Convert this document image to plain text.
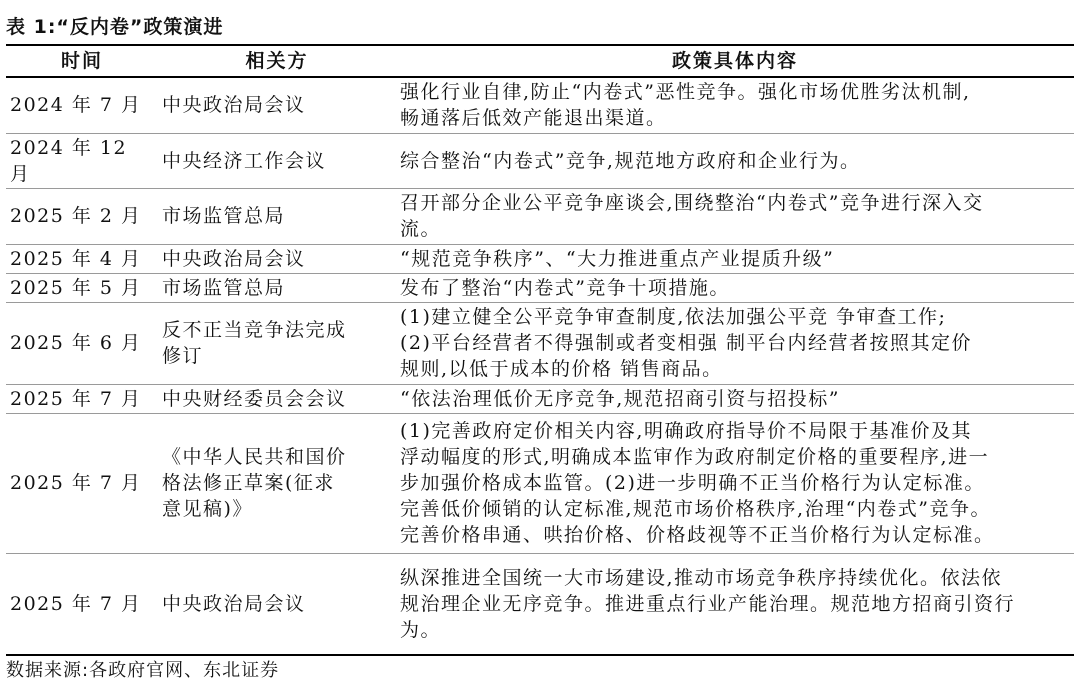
表 1:“反内卷”政策演进
时间	相关方	政策具体内容
2024 年 7 月	中央政治局会议	强化行业自律,防止“内卷式”恶性竞争。强化市场优胜劣汰机制,
畅通落后低效产能退出渠道。

2024 年 12 月	中央经济工作会议	综合整治“内卷式”竞争,规范地方政府和企业行为。

2025 年 2 月	市场监管总局	召开部分企业公平竞争座谈会,围绕整治“内卷式”竞争进行深入交
流。

2025 年 4 月	中央政治局会议	“规范竞争秩序”、“大力推进重点产业提质升级”

2025 年 5 月	市场监管总局	发布了整治“内卷式”竞争十项措施。

2025 年 6 月	反不正当竞争法完成
修订	(1)建立健全公平竞争审查制度,依法加强公平竞 争审查工作;
(2)平台经营者不得强制或者变相强 制平台内经营者按照其定价
规则,以低于成本的价格 销售商品。

2025 年 7 月	中央财经委员会会议	“依法治理低价无序竞争,规范招商引资与招投标”

2025 年 7 月	《中华人民共和国价
格法修正草案(征求
意见稿)》	(1)完善政府定价相关内容,明确政府指导价不局限于基准价及其
浮动幅度的形式,明确成本监审作为政府制定价格的重要程序,进一
步加强价格成本监管。(2)进一步明确不正当价格行为认定标准。
完善低价倾销的认定标准,规范市场价格秩序,治理“内卷式”竞争。
完善价格串通、哄抬价格、价格歧视等不正当价格行为认定标准。

2025 年 7 月	中央政治局会议	纵深推进全国统一大市场建设,推动市场竞争秩序持续优化。依法依
规治理企业无序竞争。推进重点行业产能治理。规范地方招商引资行
为。
数据来源:各政府官网、东北证券
